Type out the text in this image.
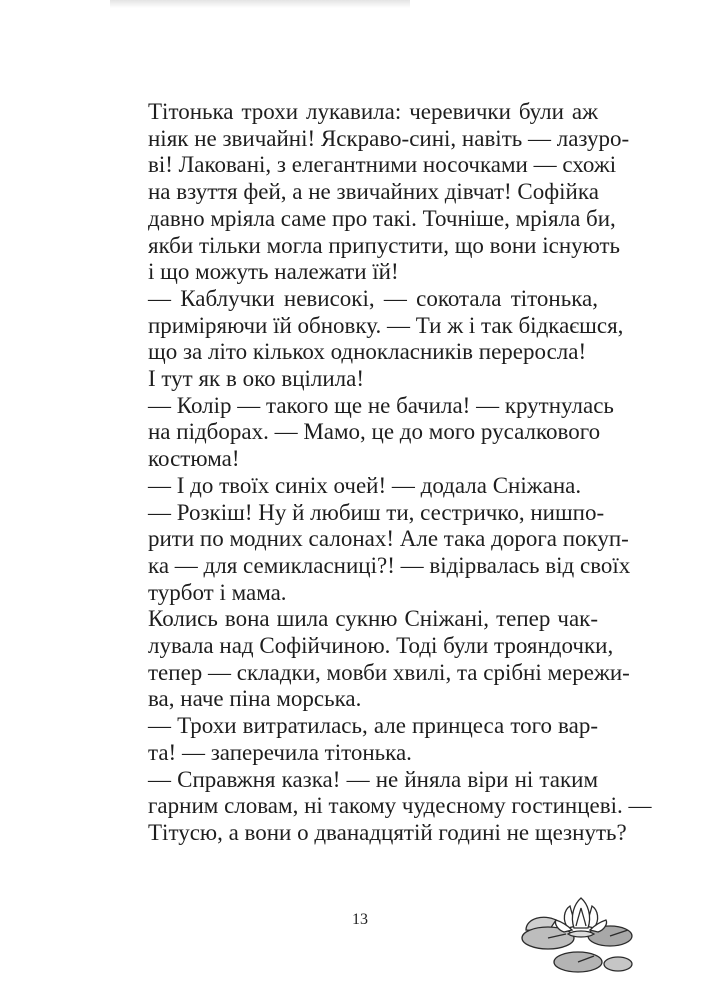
Тітонька трохи лукавила: черевички були аж
ніяк не звичайні! Яскраво-сині, навіть — лазуро-
ві! Лаковані, з елегантними носочками — схожі
на взуття фей, а не звичайних дівчат! Софійка
давно мріяла саме про такі. Точніше, мріяла би,
якби тільки могла припустити, що вони існують
і що можуть належати їй!

— Каблучки невисокі, — сокотала тітонька,
приміряючи їй обновку. — Ти ж і так бідкаєшся,
що за літо кількох однокласників переросла!

І тут як в око вцілила!

— Колір — такого ще не бачила! — крутнулась
на підборах. — Мамо, це до мого русалкового
костюма!

— І до твоїх синіх очей! — додала Сніжана.

— Розкіш! Ну й любиш ти, сестричко, нишпо-
рити по модних салонах! Але така дорога покуп-
ка — для семикласниці?! — відірвалась від своїх
турбот і мама.

Колись вона шила сукню Сніжані, тепер чак-
лувала над Софійчиною. Тоді були трояндочки,
тепер — складки, мовби хвилі, та срібні мережи-
ва, наче піна морська.

— Трохи витратилась, але принцеса того вар-
та! — заперечила тітонька.

— Справжня казка! — не йняла віри ні таким
гарним словам, ні такому чудесному гостинцеві. —
Тітусю, а вони о дванадцятій годині не щезнуть?

13
